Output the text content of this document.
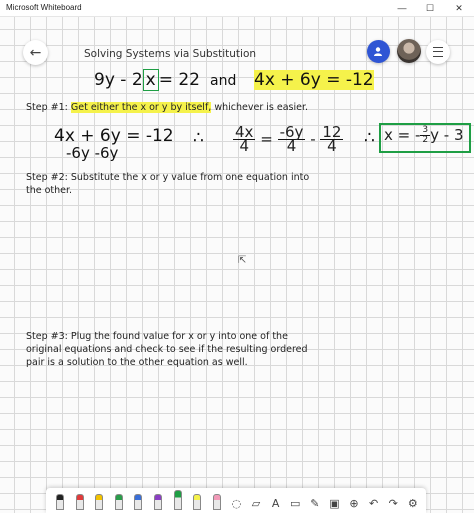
Microsoft Whiteboard	—	☐	✕
←	Solving Systems via Substitution
9y - 2 x = 22 and 4x + 6y = -12
Step #1: Get either the x or y by itself, whichever is easier.
4x + 6y = -12
-6y -6y
∴ $\frac{4x}{4} = \frac{-6y}{4} - \frac{12}{4}$ ∴ x = - $\frac{3}{2}$ y - 3
Step #2: Substitute the x or y value from one equation into
the other.
⇱
Step #3: Plug the found value for x or y into one of the
original equations and check to see if the resulting ordered
pair is a solution to the other equation as well.
◌ ▱ A ▭ ✎ ▣ ⊕ ↶ ↷ ⚙
